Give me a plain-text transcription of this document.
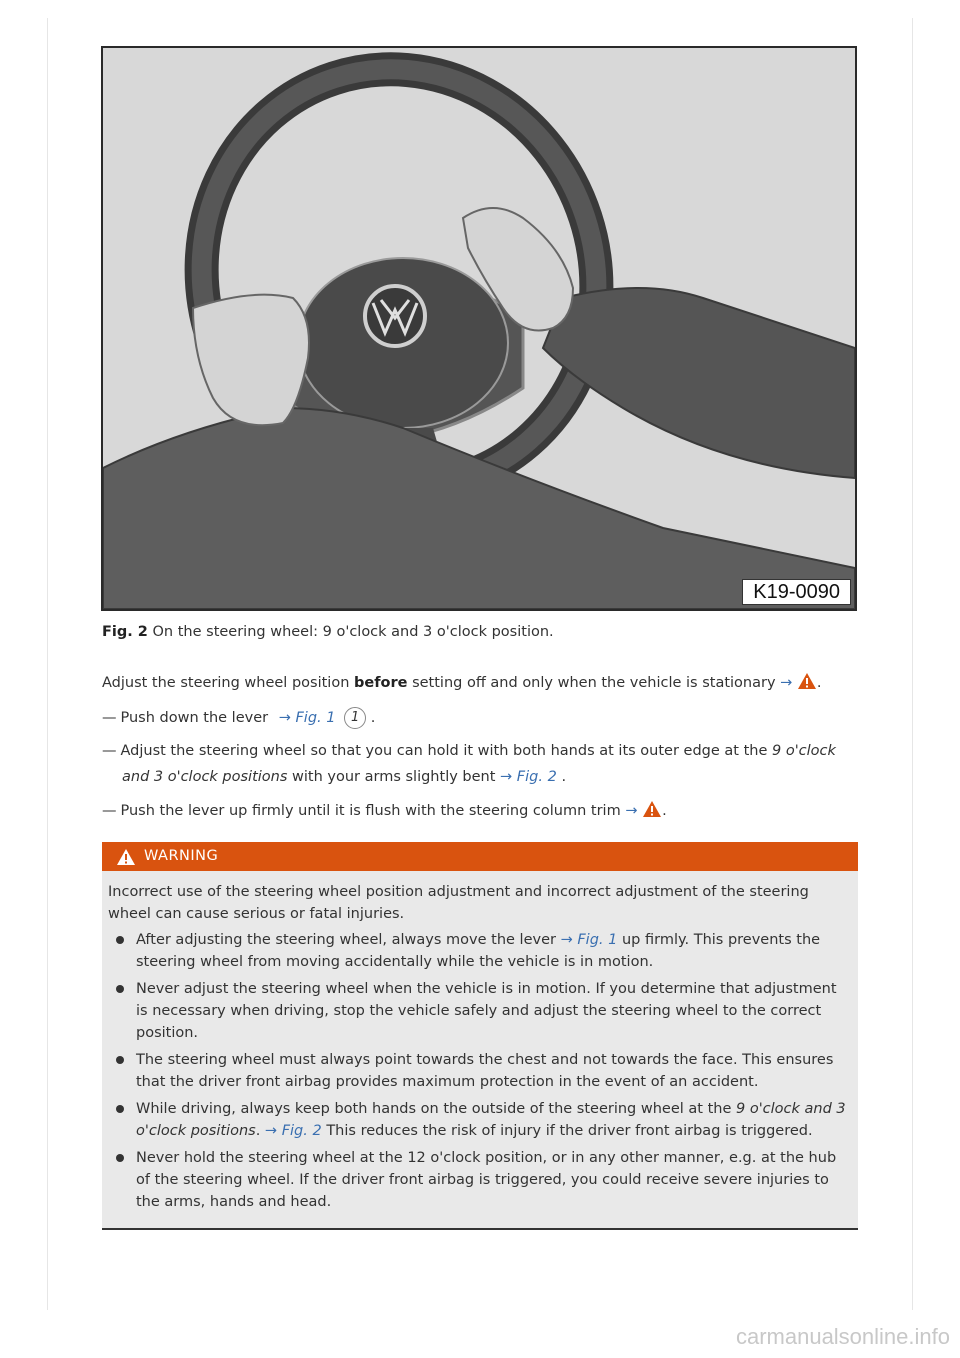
K19-0090
Fig. 2 On the steering wheel: 9 o'clock and 3 o'clock position.
Adjust the steering wheel position before setting off and only when the vehicle is stationary → .
— Push down the lever → Fig. 1 1 .
— Adjust the steering wheel so that you can hold it with both hands at its outer edge at the 9 o'clock
and 3 o'clock positions with your arms slightly bent → Fig. 2 .
— Push the lever up firmly until it is flush with the steering column trim → .
WARNING
Incorrect use of the steering wheel position adjustment and incorrect adjustment of the steering wheel can cause serious or fatal injuries.
After adjusting the steering wheel, always move the lever → Fig. 1 up firmly. This prevents the steering wheel from moving accidentally while the vehicle is in motion.
Never adjust the steering wheel when the vehicle is in motion. If you determine that adjustment is necessary when driving, stop the vehicle safely and adjust the steering wheel to the correct position.
The steering wheel must always point towards the chest and not towards the face. This ensures that the driver front airbag provides maximum protection in the event of an accident.
While driving, always keep both hands on the outside of the steering wheel at the 9 o'clock and 3 o'clock positions. → Fig. 2 This reduces the risk of injury if the driver front airbag is triggered.
Never hold the steering wheel at the 12 o'clock position, or in any other manner, e.g. at the hub of the steering wheel. If the driver front airbag is triggered, you could receive severe injuries to the arms, hands and head.
carmanualsonline.info
